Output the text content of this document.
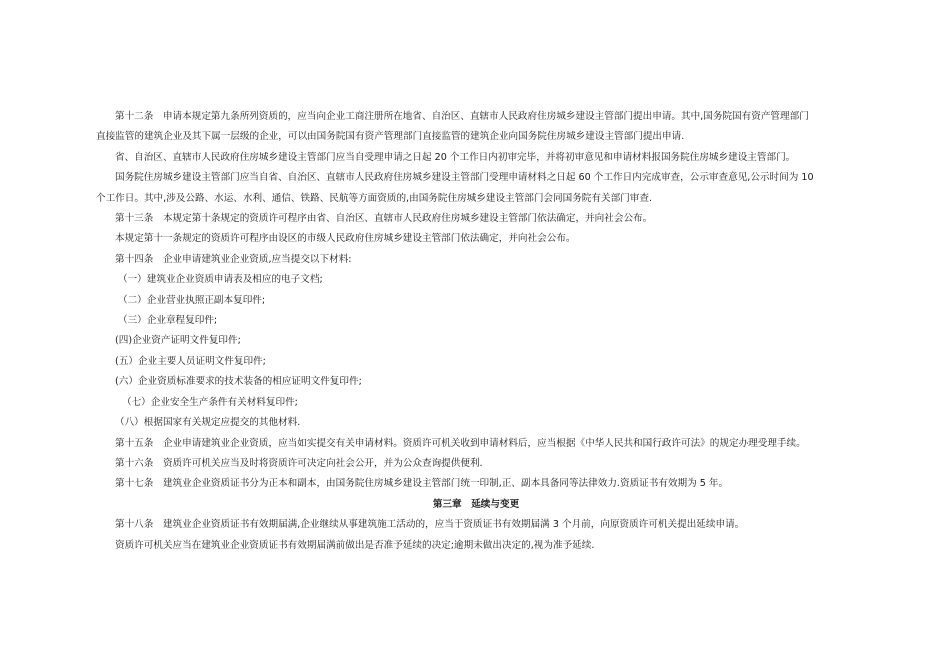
第十二条　申请本规定第九条所列资质的，应当向企业工商注册所在地省、自治区、直辖市人民政府住房城乡建设主管部门提出申请。其中,国务院国有资产管理部门

直接监管的建筑企业及其下属一层级的企业，可以由国务院国有资产管理部门直接监管的建筑企业向国务院住房城乡建设主管部门提出申请.

省、自治区、直辖市人民政府住房城乡建设主管部门应当自受理申请之日起 20 个工作日内初审完毕，并将初审意见和申请材料报国务院住房城乡建设主管部门。

国务院住房城乡建设主管部门应当自省、自治区、直辖市人民政府住房城乡建设主管部门受理申请材料之日起 60 个工作日内完成审查，公示审查意见,公示时间为 10

个工作日。其中,涉及公路、水运、水利、通信、铁路、民航等方面资质的,由国务院住房城乡建设主管部门会同国务院有关部门审查.

第十三条　本规定第十条规定的资质许可程序由省、自治区、直辖市人民政府住房城乡建设主管部门依法确定，并向社会公布。

本规定第十一条规定的资质许可程序由设区的市级人民政府住房城乡建设主管部门依法确定，并向社会公布。

第十四条　企业申请建筑业企业资质,应当提交以下材料:

（一）建筑业企业资质申请表及相应的电子文档;

（二）企业营业执照正副本复印件;

（三）企业章程复印件;

(四)企业资产证明文件复印件;

(五）企业主要人员证明文件复印件;

(六）企业资质标准要求的技术装备的相应证明文件复印件;

（七）企业安全生产条件有关材料复印件;

（八）根据国家有关规定应提交的其他材料.

第十五条　企业申请建筑业企业资质，应当如实提交有关申请材料。资质许可机关收到申请材料后，应当根据《中华人民共和国行政许可法》的规定办理受理手续。

第十六条　资质许可机关应当及时将资质许可决定向社会公开，并为公众查询提供便利.

第十七条　建筑业企业资质证书分为正本和副本，由国务院住房城乡建设主管部门统一印制,正、副本具备同等法律效力.资质证书有效期为 5 年。

第三章　延续与变更

第十八条　建筑业企业资质证书有效期届满,企业继续从事建筑施工活动的，应当于资质证书有效期届满 3 个月前，向原资质许可机关提出延续申请。

资质许可机关应当在建筑业企业资质证书有效期届满前做出是否准予延续的决定;逾期未做出决定的,视为准予延续.
